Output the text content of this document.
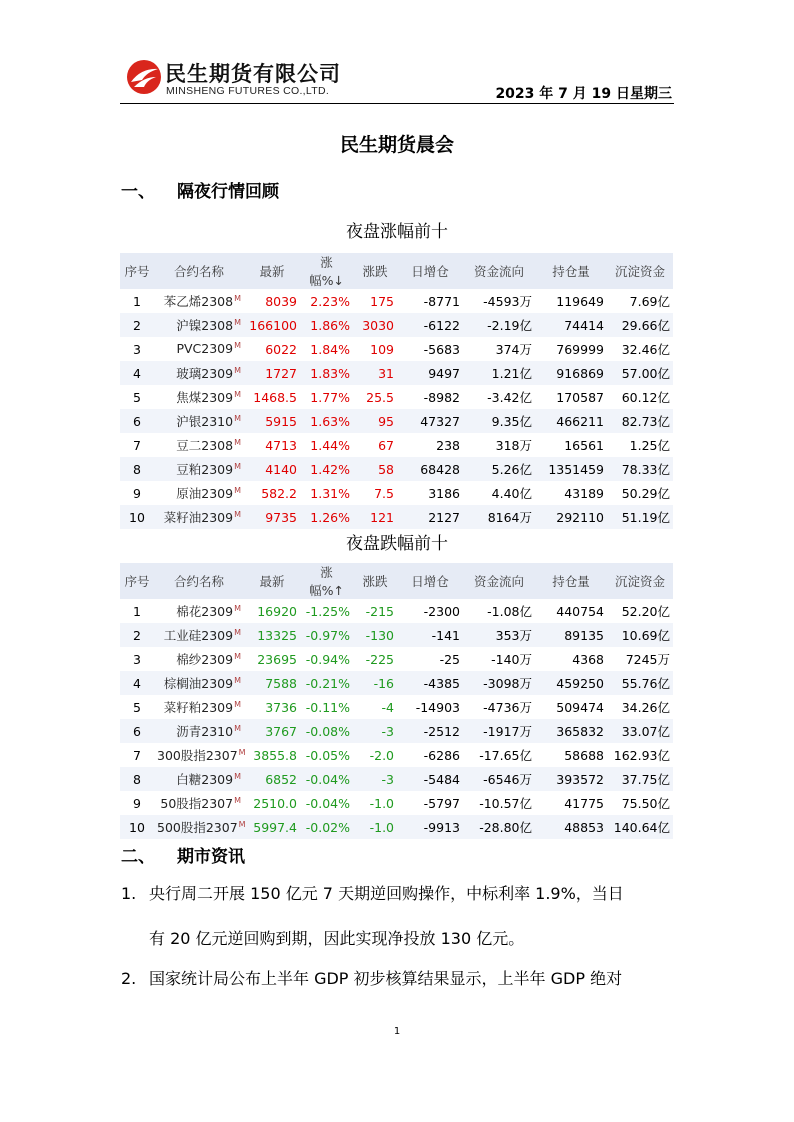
民生期货有限公司
MINSHENG FUTURES CO.,LTD.	2023 年 7 月 19 日星期三
民生期货晨会
一、 隔夜行情回顾
夜盘涨幅前十
序号	合约名称	最新	涨幅%↓	涨跌	日增仓	资金流向	持仓量	沉淀资金
1	苯乙烯$2308^M$	8039	2.23%	175	-8771	-4593万	119649	7.69亿
2	沪镍$2308^M$	166100	1.86%	3030	-6122	-2.19亿	74414	29.66亿
3	$PVC2309^M$	6022	1.84%	109	-5683	374万	769999	32.46亿
4	玻璃$2309^M$	1727	1.83%	31	9497	1.21亿	916869	57.00亿
5	焦煤$2309^M$	1468.5	1.77%	25.5	-8982	-3.42亿	170587	60.12亿
6	沪银$2310^M$	5915	1.63%	95	47327	9.35亿	466211	82.73亿
7	豆二$2308^M$	4713	1.44%	67	238	318万	16561	1.25亿
8	豆粕$2309^M$	4140	1.42%	58	68428	5.26亿	1351459	78.33亿
9	原油$2309^M$	582.2	1.31%	7.5	3186	4.40亿	43189	50.29亿
10	菜籽油$2309^M$	9735	1.26%	121	2127	8164万	292110	51.19亿
夜盘跌幅前十
序号	合约名称	最新	涨幅%↑	涨跌	日增仓	资金流向	持仓量	沉淀资金
1	棉花$2309^M$	16920	-1.25%	-215	-2300	-1.08亿	440754	52.20亿
2	工业硅$2309^M$	13325	-0.97%	-130	-141	353万	89135	10.69亿
3	棉纱$2309^M$	23695	-0.94%	-225	-25	-140万	4368	7245万
4	棕榈油$2309^M$	7588	-0.21%	-16	-4385	-3098万	459250	55.76亿
5	菜籽粕$2309^M$	3736	-0.11%	-4	-14903	-4736万	509474	34.26亿
6	沥青$2310^M$	3767	-0.08%	-3	-2512	-1917万	365832	33.07亿
7	300股指$2307^M$	3855.8	-0.05%	-2.0	-6286	-17.65亿	58688	162.93亿
8	白糖$2309^M$	6852	-0.04%	-3	-5484	-6546万	393572	37.75亿
9	50股指$2307^M$	2510.0	-0.04%	-1.0	-5797	-10.57亿	41775	75.50亿
10	500股指$2307^M$	5997.4	-0.02%	-1.0	-9913	-28.80亿	48853	140.64亿
二、 期市资讯
1. 央行周二开展 150 亿元 7 天期逆回购操作，中标利率 1.9%，当日
有 20 亿元逆回购到期，因此实现净投放 130 亿元。
2. 国家统计局公布上半年 GDP 初步核算结果显示，上半年 GDP 绝对
1
